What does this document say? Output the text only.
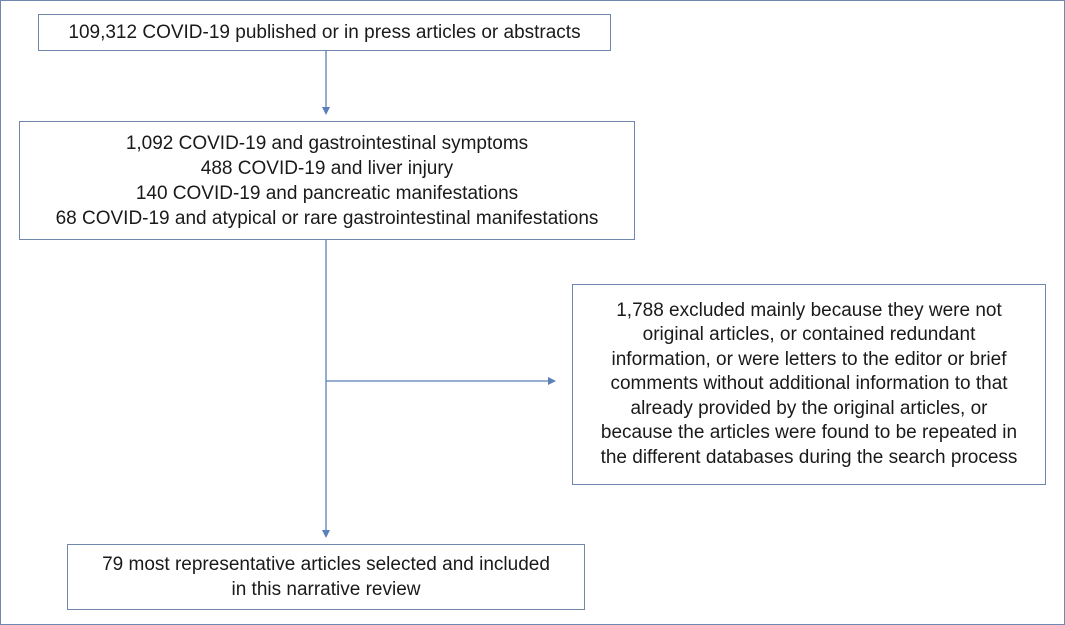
109,312 COVID-19 published or in press articles or abstracts
1,092 COVID-19 and gastrointestinal symptoms
488 COVID-19 and liver injury
140 COVID-19 and pancreatic manifestations
68 COVID-19 and atypical or rare gastrointestinal manifestations
1,788 excluded mainly because they were not
original articles, or contained redundant
information, or were letters to the editor or brief
comments without additional information to that
already provided by the original articles, or
because the articles were found to be repeated in
the different databases during the search process
79 most representative articles selected and included
in this narrative review
